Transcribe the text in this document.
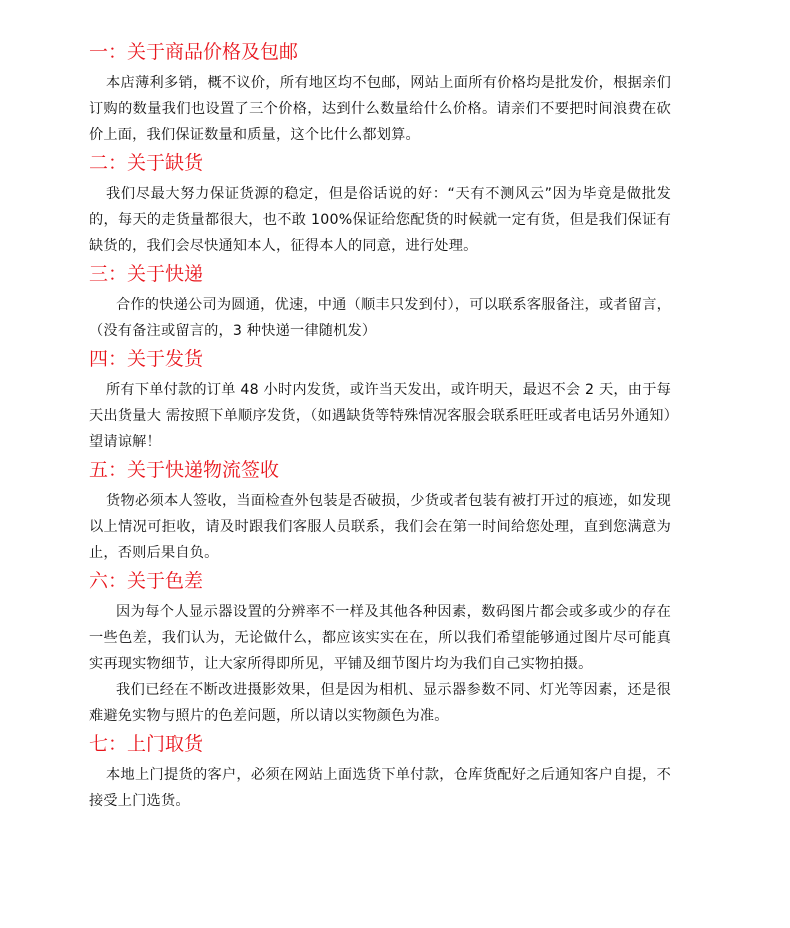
一：关于商品价格及包邮

本店薄利多销，概不议价，所有地区均不包邮，网站上面所有价格均是批发价，根据亲们订购的数量我们也设置了三个价格，达到什么数量给什么价格。请亲们不要把时间浪费在砍价上面，我们保证数量和质量，这个比什么都划算。

二：关于缺货

我们尽最大努力保证货源的稳定，但是俗话说的好：“天有不测风云”因为毕竟是做批发的，每天的走货量都很大，也不敢 100%保证给您配货的时候就一定有货，但是我们保证有缺货的，我们会尽快通知本人，征得本人的同意，进行处理。

三：关于快递

合作的快递公司为圆通，优速，中通（顺丰只发到付），可以联系客服备注，或者留言，（没有备注或留言的，3 种快递一律随机发）

四：关于发货

所有下单付款的订单 48 小时内发货，或许当天发出，或许明天，最迟不会 2 天，由于每天出货量大 需按照下单顺序发货，（如遇缺货等特殊情况客服会联系旺旺或者电话另外通知）望请谅解！

五：关于快递物流签收

货物必须本人签收，当面检查外包装是否破损，少货或者包装有被打开过的痕迹，如发现以上情况可拒收，请及时跟我们客服人员联系，我们会在第一时间给您处理，直到您满意为止，否则后果自负。

六：关于色差

因为每个人显示器设置的分辨率不一样及其他各种因素，数码图片都会或多或少的存在一些色差，我们认为，无论做什么，都应该实实在在，所以我们希望能够通过图片尽可能真实再现实物细节，让大家所得即所见，平铺及细节图片均为我们自己实物拍摄。

我们已经在不断改进摄影效果，但是因为相机、显示器参数不同、灯光等因素，还是很难避免实物与照片的色差问题，所以请以实物颜色为准。

七：上门取货

本地上门提货的客户，必须在网站上面选货下单付款，仓库货配好之后通知客户自提，不接受上门选货。
